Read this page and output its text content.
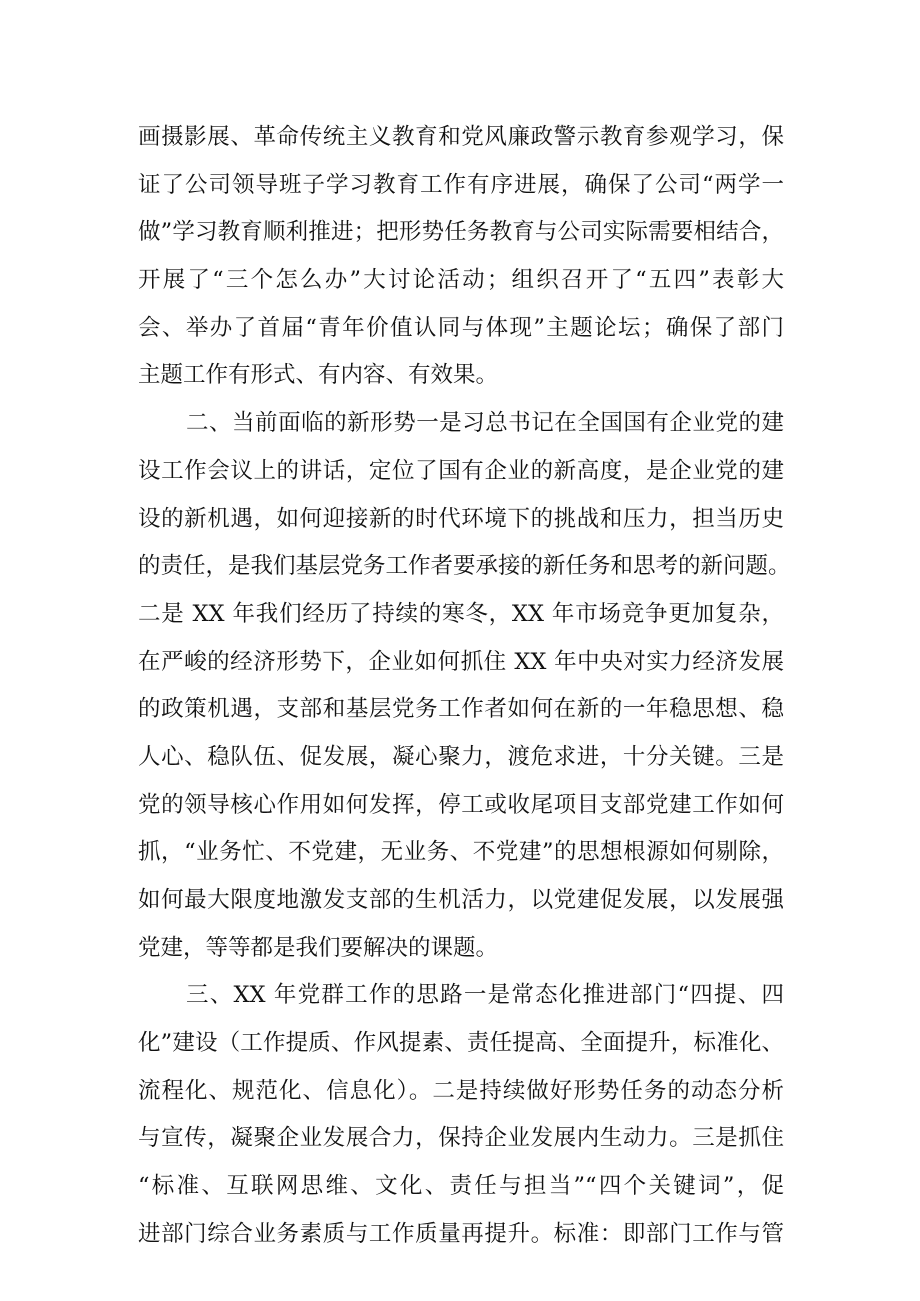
画摄影展、革命传统主义教育和党风廉政警示教育参观学习，保
证了公司领导班子学习教育工作有序进展，确保了公司“两学一
做”学习教育顺利推进；把形势任务教育与公司实际需要相结合，
开展了“三个怎么办”大讨论活动；组织召开了“五四”表彰大
会、举办了首届“青年价值认同与体现”主题论坛；确保了部门
主题工作有形式、有内容、有效果。
二、当前面临的新形势一是习总书记在全国国有企业党的建
设工作会议上的讲话，定位了国有企业的新高度，是企业党的建
设的新机遇，如何迎接新的时代环境下的挑战和压力，担当历史
的责任，是我们基层党务工作者要承接的新任务和思考的新问题。
二是 XX 年我们经历了持续的寒冬，XX 年市场竞争更加复杂，
在严峻的经济形势下，企业如何抓住 XX 年中央对实力经济发展
的政策机遇，支部和基层党务工作者如何在新的一年稳思想、稳
人心、稳队伍、促发展，凝心聚力，渡危求进，十分关键。三是
党的领导核心作用如何发挥，停工或收尾项目支部党建工作如何
抓，“业务忙、不党建，无业务、不党建”的思想根源如何剔除，
如何最大限度地激发支部的生机活力，以党建促发展，以发展强
党建，等等都是我们要解决的课题。
三、XX 年党群工作的思路一是常态化推进部门“四提、四
化”建设（工作提质、作风提素、责任提高、全面提升，标准化、
流程化、规范化、信息化）。二是持续做好形势任务的动态分析
与宣传，凝聚企业发展合力，保持企业发展内生动力。三是抓住
“标准、互联网思维、文化、责任与担当”“四个关键词”，促
进部门综合业务素质与工作质量再提升。标准：即部门工作与管
